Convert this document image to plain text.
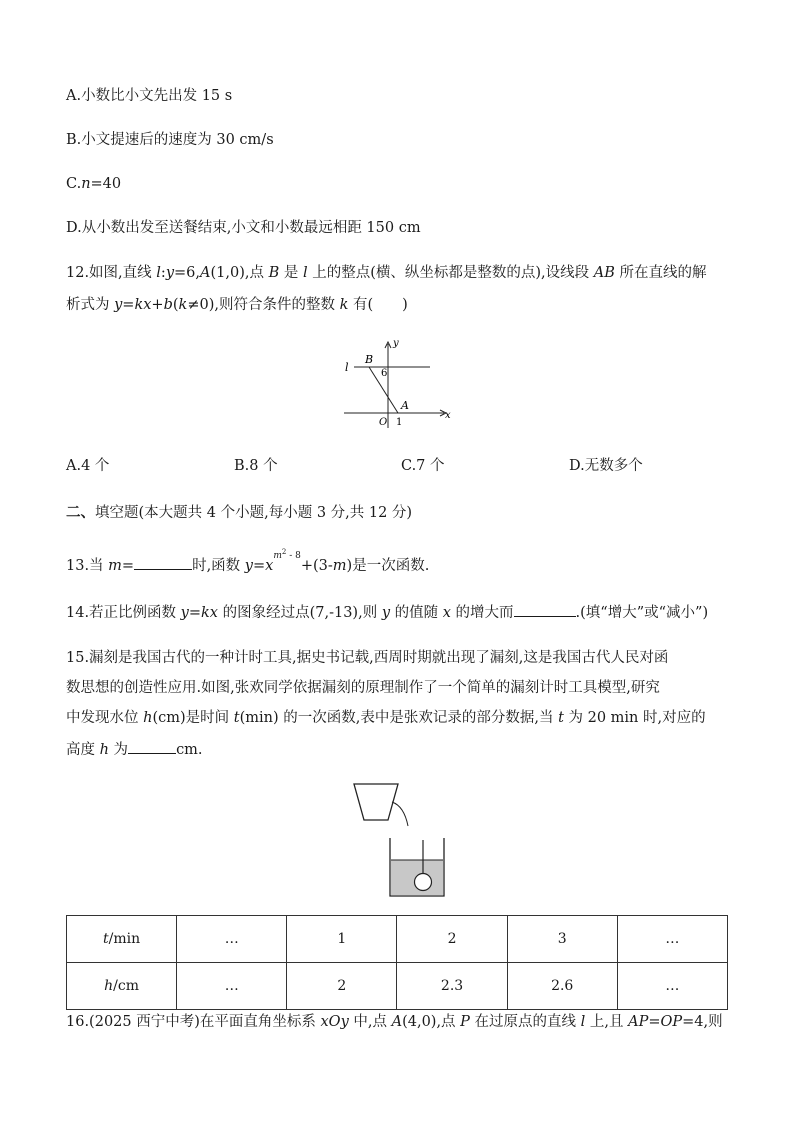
A.小数比小文先出发 15 s
B.小文提速后的速度为 30 cm/s
C.n=40
D.从小数出发至送餐结束,小文和小数最远相距 150 cm
12.如图,直线 l:y=6,A(1,0),点 B 是 l 上的整点(横、纵坐标都是整数的点),设线段 AB 所在直线的解
析式为 y=kx+b(k≠0),则符合条件的整数 k 有(　　)
l
B
y
6
A
x
O 1
A.4 个	B.8 个	C.7 个	D.无数多个
二、填空题(本大题共 4 个小题,每小题 3 分,共 12 分)
13.当 m=	时,函数 $y=x^{m^2 - 8}+(3-m)$是一次函数.
14.若正比例函数 y=kx 的图象经过点(7,-13),则 y 的值随 x 的增大而	.(填“增大”或“减小”)
15.漏刻是我国古代的一种计时工具,据史书记载,西周时期就出现了漏刻,这是我国古代人民对函
数思想的创造性应用.如图,张欢同学依据漏刻的原理制作了一个简单的漏刻计时工具模型,研究
中发现水位 h(cm)是时间 t(min) 的一次函数,表中是张欢记录的部分数据,当 t 为 20 min 时,对应的
高度 h 为	cm.
t/min	…	1	2	3	…
h/cm	…	2	2.3	2.6	…
16.(2025 西宁中考)在平面直角坐标系 xOy 中,点 A(4,0),点 P 在过原点的直线 l 上,且 AP=OP=4,则
